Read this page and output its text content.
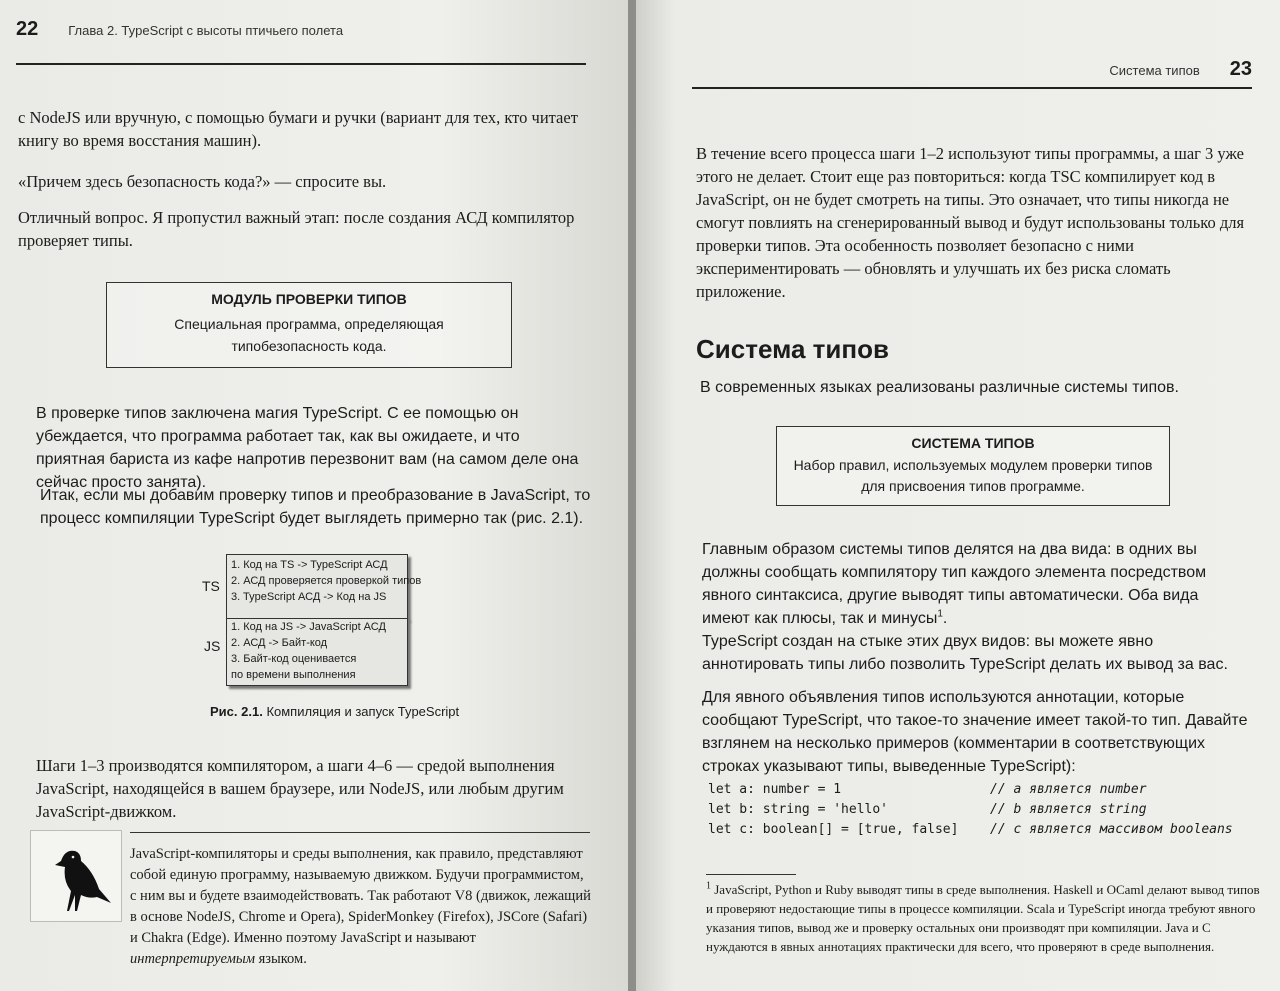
22 Глава 2. TypeScript с высоты птичьего полета

с NodeJS или вручную, с помощью бумаги и ручки (вариант для тех, кто читает книгу во время восстания машин).

«Причем здесь безопасность кода?» — спросите вы.

Отличный вопрос. Я пропустил важный этап: после создания АСД компилятор проверяет типы.

МОДУЛЬ ПРОВЕРКИ ТИПОВ
Специальная программа, определяющая типобезопасность кода.

В проверке типов заключена магия TypeScript. С ее помощью он убеждается, что программа работает так, как вы ожидаете, и что приятная бариста из кафе напротив перезвонит вам (на самом деле она сейчас просто занята).

Итак, если мы добавим проверку типов и преобразование в JavaScript, то процесс компиляции TypeScript будет выглядеть примерно так (рис. 2.1).

TS
JS
1. Код на TS -> TypeScript АСД
2. АСД проверяется проверкой типов
3. TypeScript АСД -> Код на JS
1. Код на JS -> JavaScript АСД
2. АСД -> Байт-код
3. Байт-код оценивается
по времени выполнения
Рис. 2.1. Компиляция и запуск TypeScript

Шаги 1–3 производятся компилятором, а шаги 4–6 — средой выполнения JavaScript, находящейся в вашем браузере, или NodeJS, или любым другим JavaScript-движком.

JavaScript-компиляторы и среды выполнения, как правило, представляют собой единую программу, называемую движком. Будучи программистом, с ним вы и будете взаимодействовать. Так работают V8 (движок, лежащий в основе NodeJS, Chrome и Opera), SpiderMonkey (Firefox), JSCore (Safari) и Chakra (Edge). Именно поэтому JavaScript и называют интерпретируемым языком.

Система типов 23

В течение всего процесса шаги 1–2 используют типы программы, а шаг 3 уже этого не делает. Стоит еще раз повториться: когда TSC компилирует код в JavaScript, он не будет смотреть на типы. Это означает, что типы никогда не смогут повлиять на сгенерированный вывод и будут использованы только для проверки типов. Эта особенность позволяет безопасно с ними экспериментировать — обновлять и улучшать их без риска сломать приложение.

Система типов

В современных языках реализованы различные системы типов.

СИСТЕМА ТИПОВ
Набор правил, используемых модулем проверки типов для присвоения типов программе.

Главным образом системы типов делятся на два вида: в одних вы должны сообщать компилятору тип каждого элемента посредством явного синтаксиса, другие выводят типы автоматически. Оба вида имеют как плюсы, так и минусы$^1$.

TypeScript создан на стыке этих двух видов: вы можете явно аннотировать типы либо позволить TypeScript делать их вывод за вас.

Для явного объявления типов используются аннотации, которые сообщают TypeScript, что такое-то значение имеет такой-то тип. Давайте взглянем на несколько примеров (комментарии в соответствующих строках указывают типы, выведенные TypeScript):

let a: number = 1	// a является number
let b: string = 'hello'	// b является string
let c: boolean[] = [true, false]	// c является массивом booleans

$^1$ JavaScript, Python и Ruby выводят типы в среде выполнения. Haskell и OCaml делают вывод типов и проверяют недостающие типы в процессе компиляции. Scala и TypeScript иногда требуют явного указания типов, вывод же и проверку остальных они производят при компиляции. Java и C нуждаются в явных аннотациях практически для всего, что проверяют в среде выполнения.
